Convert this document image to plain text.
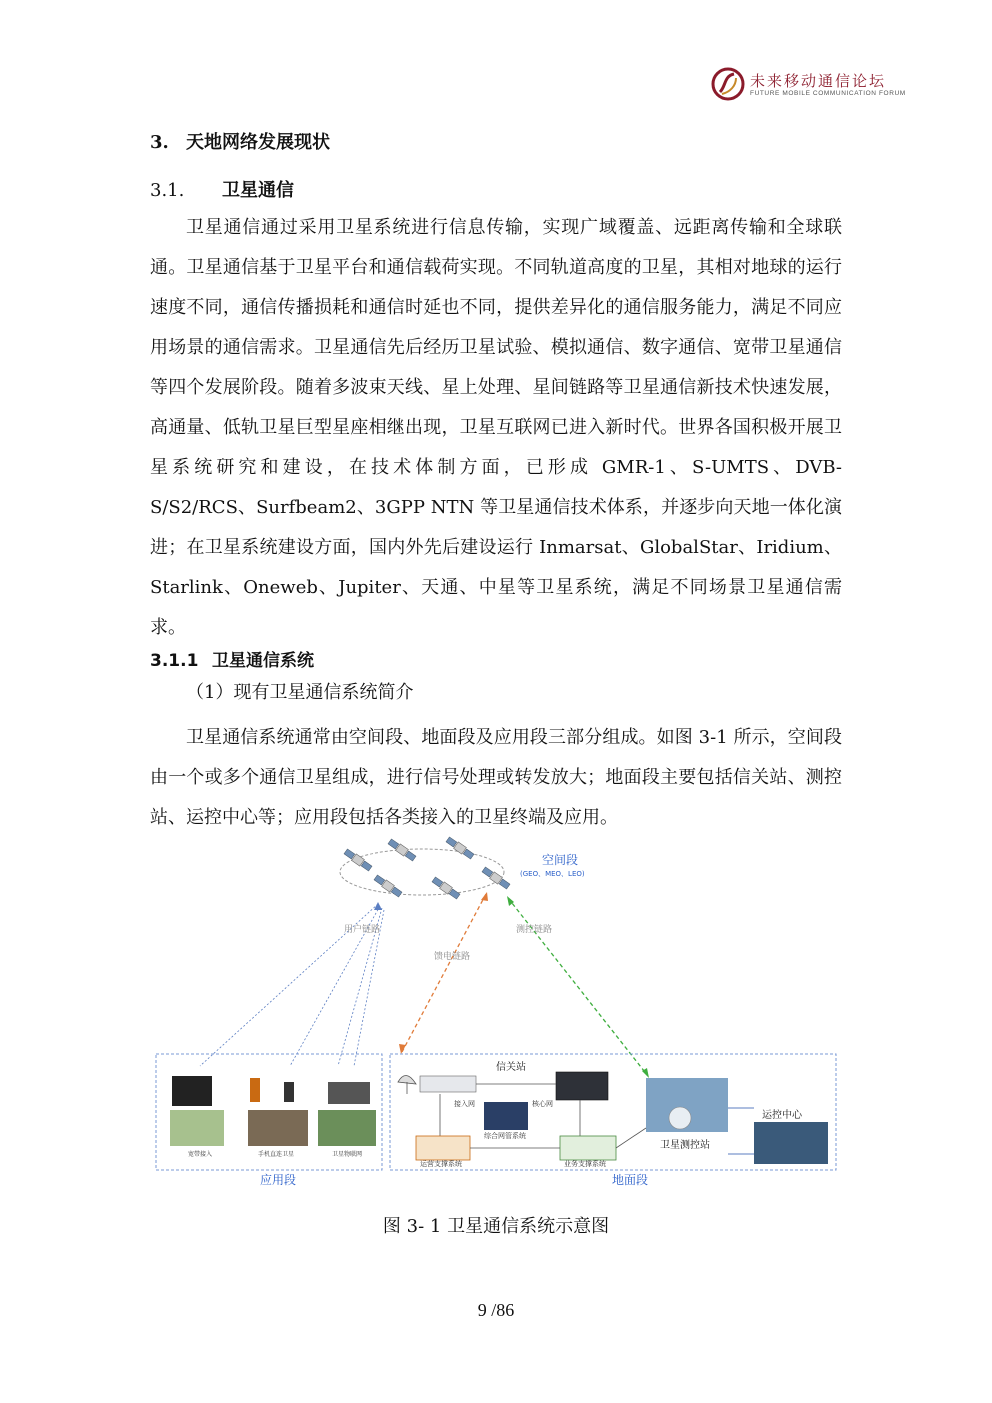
未来移动通信论坛
FUTURE MOBILE COMMUNICATION FORUM
3. 天地网络发展现状
3.1. 卫星通信

卫星通信通过采用卫星系统进行信息传输，实现广域覆盖、远距离传输和全球联通。卫星通信基于卫星平台和通信载荷实现。不同轨道高度的卫星，其相对地球的运行速度不同，通信传播损耗和通信时延也不同，提供差异化的通信服务能力，满足不同应用场景的通信需求。卫星通信先后经历卫星试验、模拟通信、数字通信、宽带卫星通信等四个发展阶段。随着多波束天线、星上处理、星间链路等卫星通信新技术快速发展，高通量、低轨卫星巨型星座相继出现，卫星互联网已进入新时代。世界各国积极开展卫星系统研究和建设，在技术体制方面，已形成 GMR-1、S-UMTS、DVB-S/S2/RCS、Surfbeam2、3GPP NTN 等卫星通信技术体系，并逐步向天地一体化演进；在卫星系统建设方面，国内外先后建设运行 Inmarsat、GlobalStar、Iridium、Starlink、Oneweb、Jupiter、天通、中星等卫星系统，满足不同场景卫星通信需求。

3.1.1 卫星通信系统
（1）现有卫星通信系统简介

卫星通信系统通常由空间段、地面段及应用段三部分组成。如图 3-1 所示，空间段由一个或多个通信卫星组成，进行信号处理或转发放大；地面段主要包括信关站、测控站、运控中心等；应用段包括各类接入的卫星终端及应用。

空间段
(GEO、MEO、LEO)
用户链路
馈电链路
测控链路
宽带接入	手机直连卫星	卫星物联网
应用段
信关站
接入网	核心网
综合网管系统
运营支撑系统	业务支撑系统
卫星测控站
运控中心
地面段
图 3- 1 卫星通信系统示意图
9 /86
